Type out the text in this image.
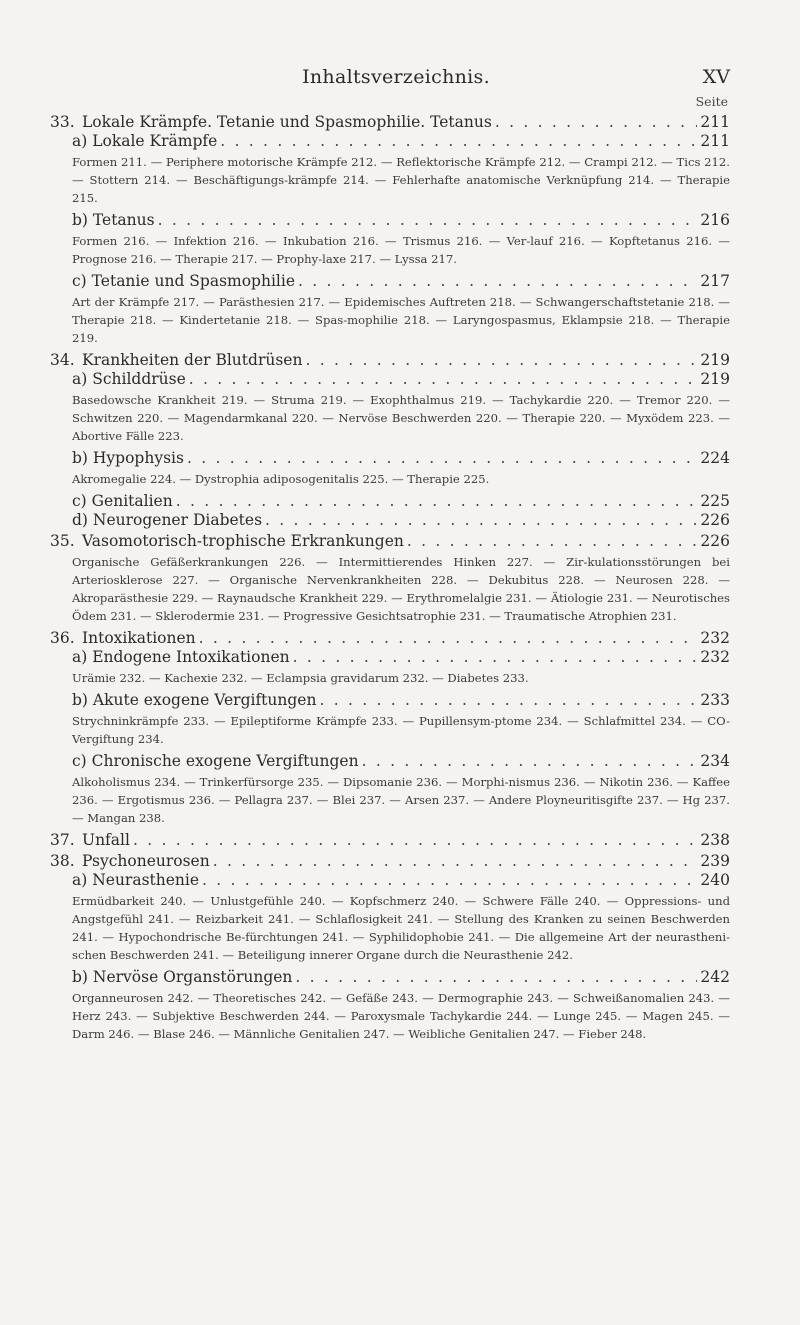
Inhaltsverzeichnis.	XV
Seite
33. Lokale Krämpfe. Tetanie und Spasmophilie. Tetanus . . .	211
a) Lokale Krämpfe . . .	211
Formen 211. — Periphere motorische Krämpfe 212. — Reflektorische Krämpfe 212. — Crampi 212. — Tics 212. — Stottern 214. — Beschäftigungs-krämpfe 214. — Fehlerhafte anatomische Verknüpfung 214. — Therapie 215.
b) Tetanus . . .	216
Formen 216. — Infektion 216. — Inkubation 216. — Trismus 216. — Ver-lauf 216. — Kopftetanus 216. — Prognose 216. — Therapie 217. — Prophy-laxe 217. — Lyssa 217.
c) Tetanie und Spasmophilie . . .	217
Art der Krämpfe 217. — Parästhesien 217. — Epidemisches Auftreten 218. — Schwangerschaftstetanie 218. — Therapie 218. — Kindertetanie 218. — Spas-mophilie 218. — Laryngospasmus, Eklampsie 218. — Therapie 219.
34. Krankheiten der Blutdrüsen . . .	219
a) Schilddrüse . . .	219
Basedowsche Krankheit 219. — Struma 219. — Exophthalmus 219. — Tachykardie 220. — Tremor 220. — Schwitzen 220. — Magendarmkanal 220. — Nervöse Beschwerden 220. — Therapie 220. — Myxödem 223. — Abortive Fälle 223.
b) Hypophysis . . .	224
Akromegalie 224. — Dystrophia adiposogenitalis 225. — Therapie 225.
c) Genitalien . . .	225
d) Neurogener Diabetes . . .	226
35. Vasomotorisch-trophische Erkrankungen . . .	226
Organische Gefäßerkrankungen 226. — Intermittierendes Hinken 227. — Zir-kulationsstörungen bei Arteriosklerose 227. — Organische Nervenkrankheiten 228. — Dekubitus 228. — Neurosen 228. — Akroparästhesie 229. — Raynaudsche Krankheit 229. — Erythromelalgie 231. — Ätiologie 231. — Neurotisches Ödem 231. — Sklerodermie 231. — Progressive Gesichtsatrophie 231. — Traumatische Atrophien 231.
36. Intoxikationen . . .	232
a) Endogene Intoxikationen . . .	232
Urämie 232. — Kachexie 232. — Eclampsia gravidarum 232. — Diabetes 233.
b) Akute exogene Vergiftungen . . .	233
Strychninkrämpfe 233. — Epileptiforme Krämpfe 233. — Pupillensym-ptome 234. — Schlafmittel 234. — CO-Vergiftung 234.
c) Chronische exogene Vergiftungen . . .	234
Alkoholismus 234. — Trinkerfürsorge 235. — Dipsomanie 236. — Morphi-nismus 236. — Nikotin 236. — Kaffee 236. — Ergotismus 236. — Pellagra 237. — Blei 237. — Arsen 237. — Andere Ployneuritisgifte 237. — Hg 237. — Mangan 238.
37. Unfall . . .	238
38. Psychoneurosen . . .	239
a) Neurasthenie . . .	240
Ermüdbarkeit 240. — Unlustgefühle 240. — Kopfschmerz 240. — Schwere Fälle 240. — Oppressions- und Angstgefühl 241. — Reizbarkeit 241. — Schlaflosigkeit 241. — Stellung des Kranken zu seinen Beschwerden 241. — Hypochondrische Be-fürchtungen 241. — Syphilidophobie 241. — Die allgemeine Art der neurastheni-schen Beschwerden 241. — Beteiligung innerer Organe durch die Neurasthenie 242.
b) Nervöse Organstörungen . . .	242
Organneurosen 242. — Theoretisches 242. — Gefäße 243. — Dermographie 243. — Schweißanomalien 243. — Herz 243. — Subjektive Beschwerden 244. — Paroxysmale Tachykardie 244. — Lunge 245. — Magen 245. — Darm 246. — Blase 246. — Männliche Genitalien 247. — Weibliche Genitalien 247. — Fieber 248.
